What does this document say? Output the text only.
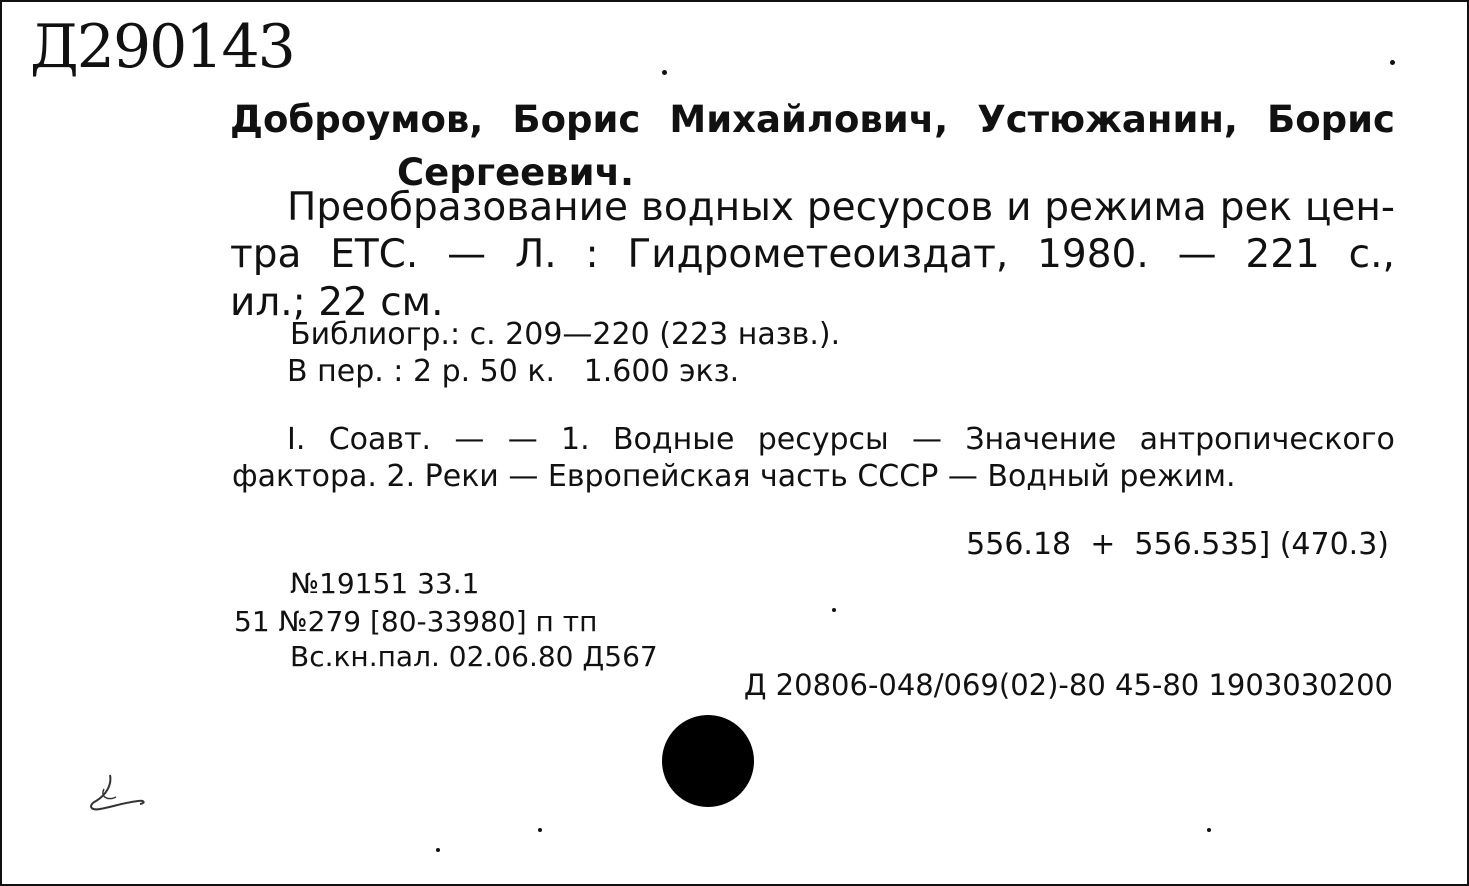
Д290143
Доброумов, Борис Михайлович, Устюжанин, Борис
Сергеевич.
Преобразование водных ресурсов и режима рек цен-
тра ЕТС. — Л. : Гидрометеоиздат, 1980. — 221 с.,
ил.; 22 см.
Библиогр.: с. 209—220 (223 назв.).
В пер. : 2 р. 50 к.   1.600 экз.
I. Соавт. — — 1. Водные ресурсы — Значение антропического
фактора. 2. Реки — Европейская часть СССР — Водный режим.
556.18  +  556.535] (470.3)
№19151 33.1
51 №279 [80-33980] п тп
Вс.кн.пал. 02.06.80 Д567
Д 20806-048/069(02)-80 45-80 1903030200
